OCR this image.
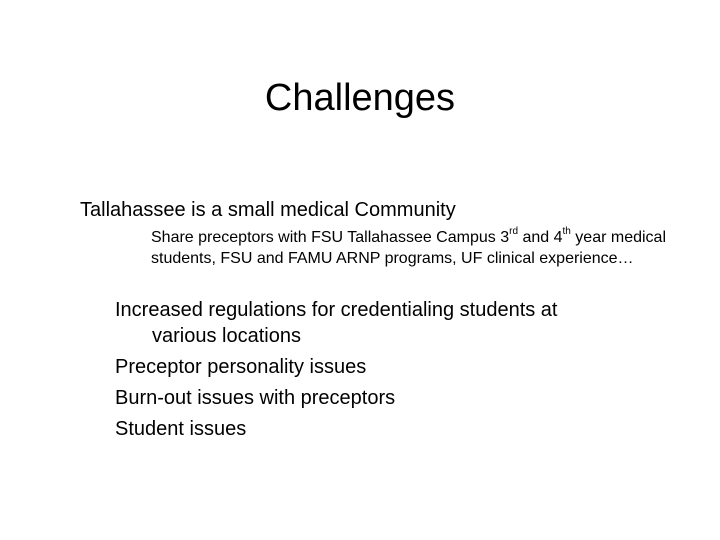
Challenges
Tallahassee is a small medical Community
Share preceptors with FSU Tallahassee Campus 3rd and 4th year medical students, FSU and FAMU ARNP programs, UF clinical experience…
Increased regulations for credentialing students at
various locations
Preceptor personality issues
Burn-out issues with preceptors
Student issues
